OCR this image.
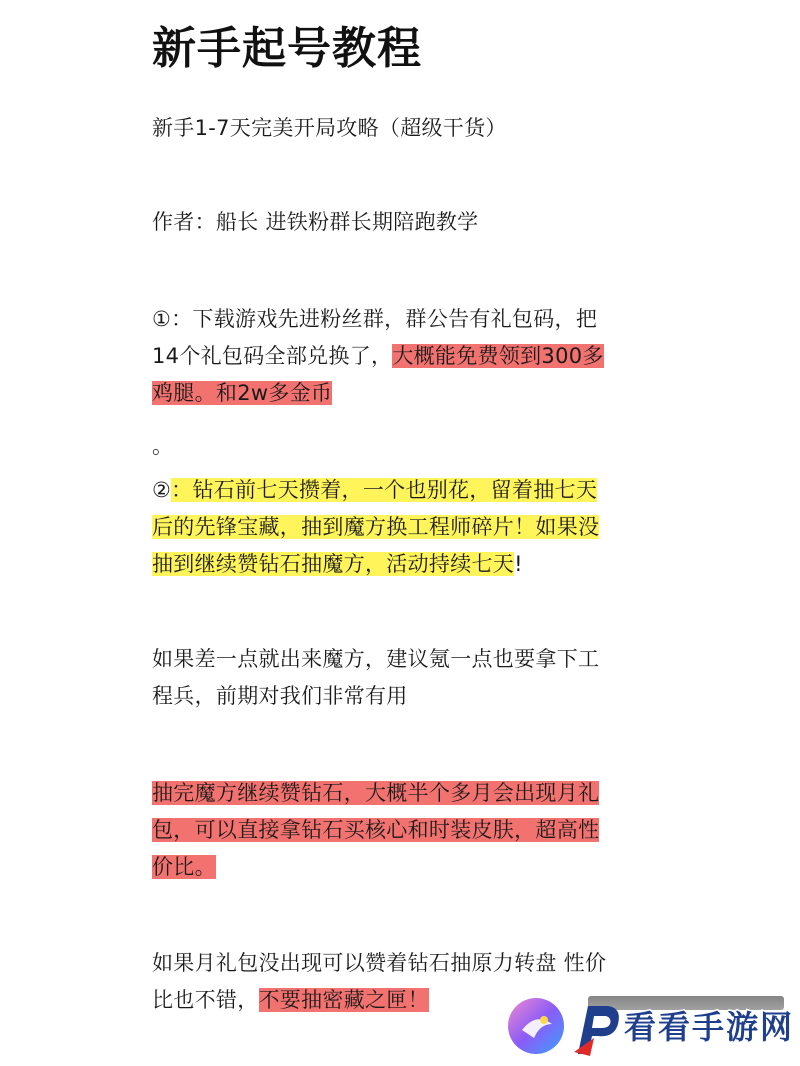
新手起号教程

新手1-7天完美开局攻略（超级干货）

作者：船长 进铁粉群长期陪跑教学

①：下载游戏先进粉丝群，群公告有礼包码，把
14个礼包码全部兑换了，大概能免费领到300多
鸡腿。和2w多金币

。

②：钻石前七天攒着，一个也别花，留着抽七天
后的先锋宝藏，抽到魔方换工程师碎片！如果没
抽到继续赞钻石抽魔方，活动持续七天!
如果差一点就出来魔方，建议氪一点也要拿下工
程兵，前期对我们非常有用
抽完魔方继续赞钻石，大概半个多月会出现月礼
包，可以直接拿钻石买核心和时装皮肤，超高性
价比。
如果月礼包没出现可以赞着钻石抽原力转盘 性价
比也不错，不要抽密藏之匣！
看看手游网
